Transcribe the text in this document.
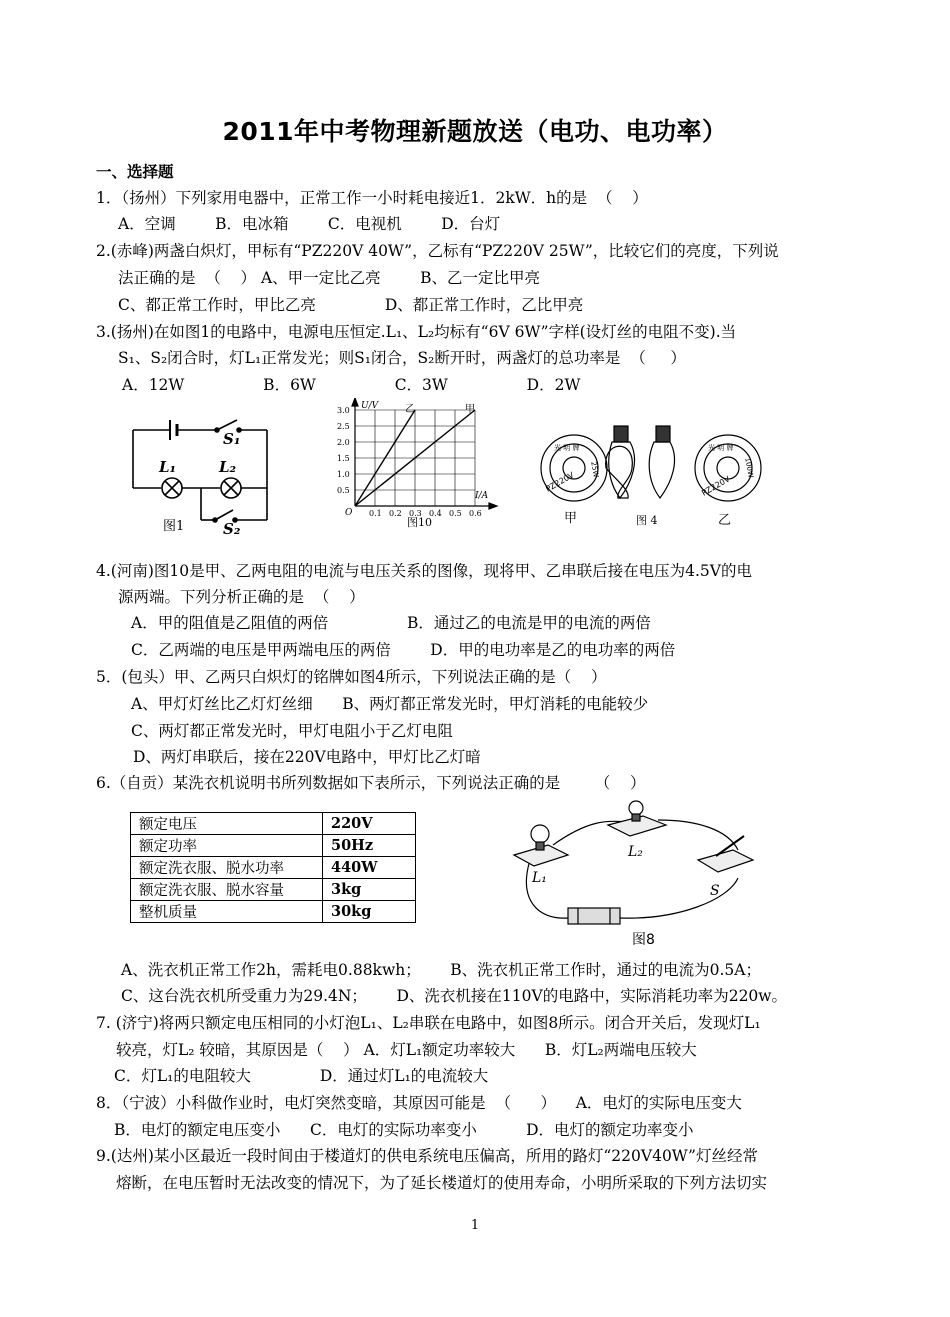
2011年中考物理新题放送（电功、电功率）
一、选择题
1．（扬州）下列家用电器中，正常工作一小时耗电接近1．2kW．h的是  （    ）
A．空调        B．电冰箱        C．电视机        D．台灯
2.(赤峰)两盏白炽灯，甲标有“PZ220V 40W”，乙标有“PZ220V 25W”，比较它们的亮度，下列说
法正确的是  （    ） A、甲一定比乙亮        B、乙一定比甲亮
C、都正常工作时，甲比乙亮              D、都正常工作时，乙比甲亮
3.(扬州)在如图1的电路中，电源电压恒定.L₁、L₂均标有“6V 6W”字样(设灯丝的电阻不变).当
S₁、S₂闭合时，灯L₁正常发光；则S₁闭合，S₂断开时，两盏灯的总功率是  （     ）
A．12W                B．6W                C．3W                D．2W
4.(河南)图10是甲、乙两电阻的电流与电压关系的图像，现将甲、乙串联后接在电压为4.5V的电
源两端。下列分析正确的是  （    ）
A．甲的阻值是乙阻值的两倍                B．通过乙的电流是甲的电流的两倍
C．乙两端的电压是甲两端电压的两倍        D．甲的电功率是乙的电功率的两倍
5．(包头）甲、乙两只白炽灯的铭牌如图4所示，下列说法正确的是（    ）
A、甲灯灯丝比乙灯灯丝细      B、两灯都正常发光时，甲灯消耗的电能较少
C、两灯都正常发光时，甲灯电阻小于乙灯电阻
D、两灯串联后，接在220V电路中，甲灯比乙灯暗
6.（自贡）某洗衣机说明书所列数据如下表所示，下列说法正确的是       （    ）
A、洗衣机正常工作2h，需耗电0.88kwh；      B、洗衣机正常工作时，通过的电流为0.5A；
C、这台洗衣机所受重力为29.4N；      D、洗衣机接在110V的电路中，实际消耗功率为220w。
7. (济宁)将两只额定电压相同的小灯泡L₁、L₂串联在电路中，如图8所示。闭合开关后，发现灯L₁
较亮，灯L₂ 较暗，其原因是（    ） A．灯L₁额定功率较大      B．灯L₂两端电压较大
C．灯L₁的电阻较大              D．通过灯L₁的电流较大
8．（宁波）小科做作业时，电灯突然变暗，其原因可能是  （      ）    A．电灯的实际电压变大
B．电灯的额定电压变小      C．电灯的实际功率变小          D．电灯的额定功率变小
9.(达州)某小区最近一段时间由于楼道灯的供电系统电压偏高，所用的路灯“220V40W”灯丝经常
熔断，在电压暂时无法改变的情况下，为了延长楼道灯的使用寿命，小明所采取的下列方法切实
S₁
L₁	L₂
S₂
图1
0.1 0.2 0.3 0.4 0.5 0.6
0.5
1.0
1.5
2.0
2.5
3.0 U/V
I/A
O
乙	甲
图10
光 明 牌	光 明 牌
PZ220V
25W
PZ220V
100W
甲	图 4	乙
额定电压	220V
额定功率	50Hz
额定洗衣服、脱水功率	440W
额定洗衣服、脱水容量	3kg
整机质量	30kg
L₁
L₂
S
图8
1
